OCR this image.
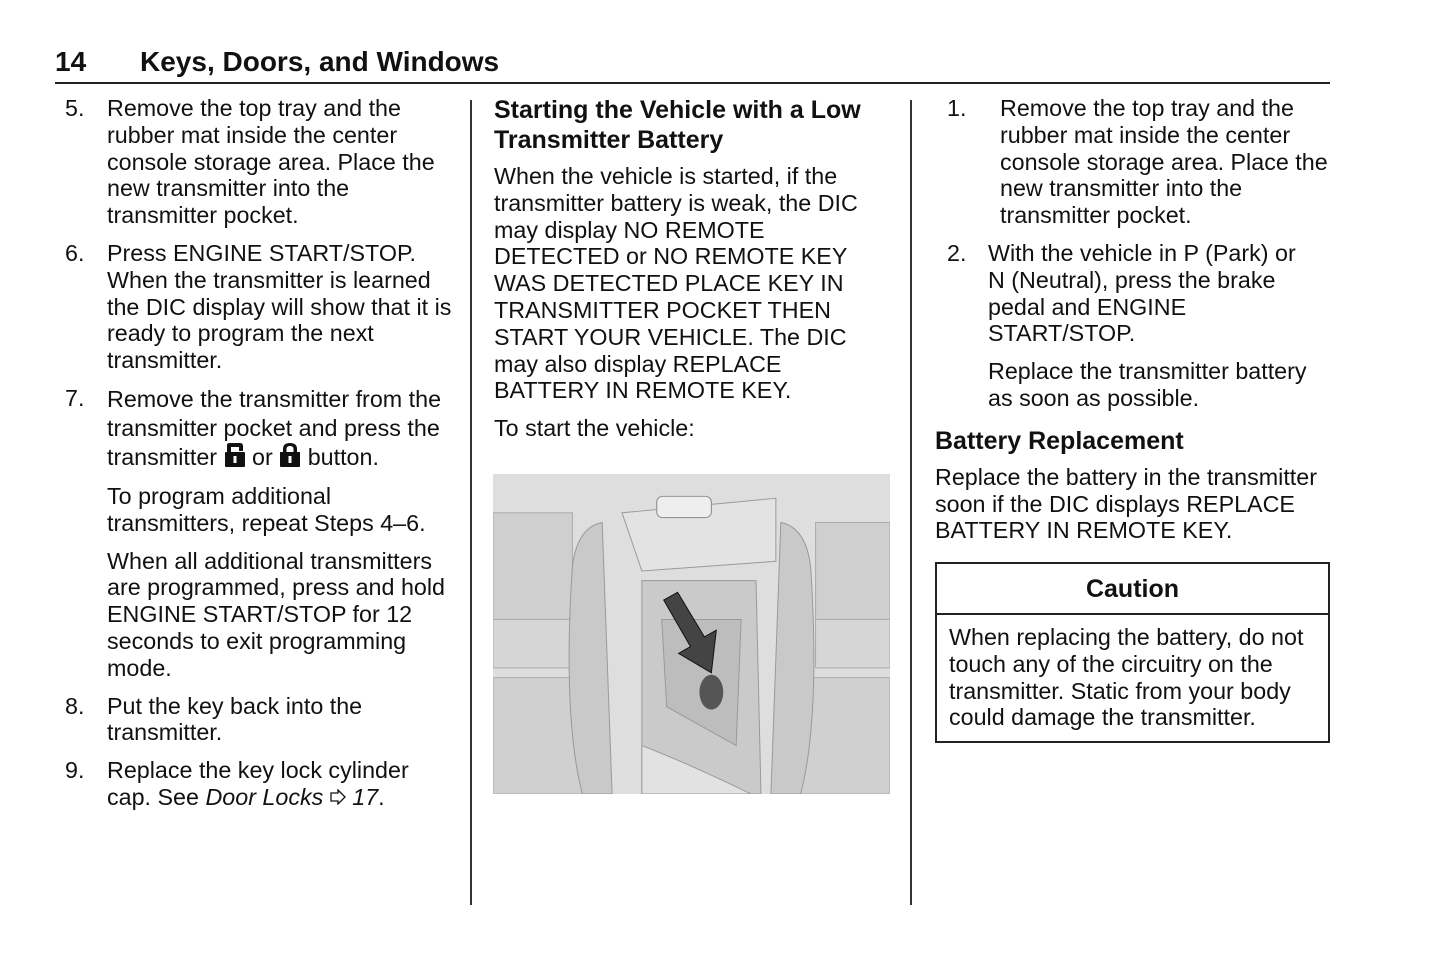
14 Keys, Doors, and Windows
5. Remove the top tray and the rubber mat inside the center console storage area. Place the new transmitter into the transmitter pocket.

6. Press ENGINE START/STOP. When the transmitter is learned the DIC display will show that it is ready to program the next transmitter.

7. Remove the transmitter from the transmitter pocket and press the transmitter or button.

To program additional transmitters, repeat Steps 4–6.

When all additional transmitters are programmed, press and hold ENGINE START/STOP for 12 seconds to exit programming mode.

8. Put the key back into the transmitter.

9. Replace the key lock cylinder cap. See Door Locks 17.

Starting the Vehicle with a Low Transmitter Battery

When the vehicle is started, if the transmitter battery is weak, the DIC may display NO REMOTE DETECTED or NO REMOTE KEY WAS DETECTED PLACE KEY IN TRANSMITTER POCKET THEN START YOUR VEHICLE. The DIC may also display REPLACE BATTERY IN REMOTE KEY.

To start the vehicle:

1. Remove the top tray and the rubber mat inside the center console storage area. Place the new transmitter into the transmitter pocket.

2. With the vehicle in P (Park) or N (Neutral), press the brake pedal and ENGINE START/STOP.

Replace the transmitter battery as soon as possible.

Battery Replacement

Replace the battery in the transmitter soon if the DIC displays REPLACE BATTERY IN REMOTE KEY.

Caution
When replacing the battery, do not touch any of the circuitry on the transmitter. Static from your body could damage the transmitter.
